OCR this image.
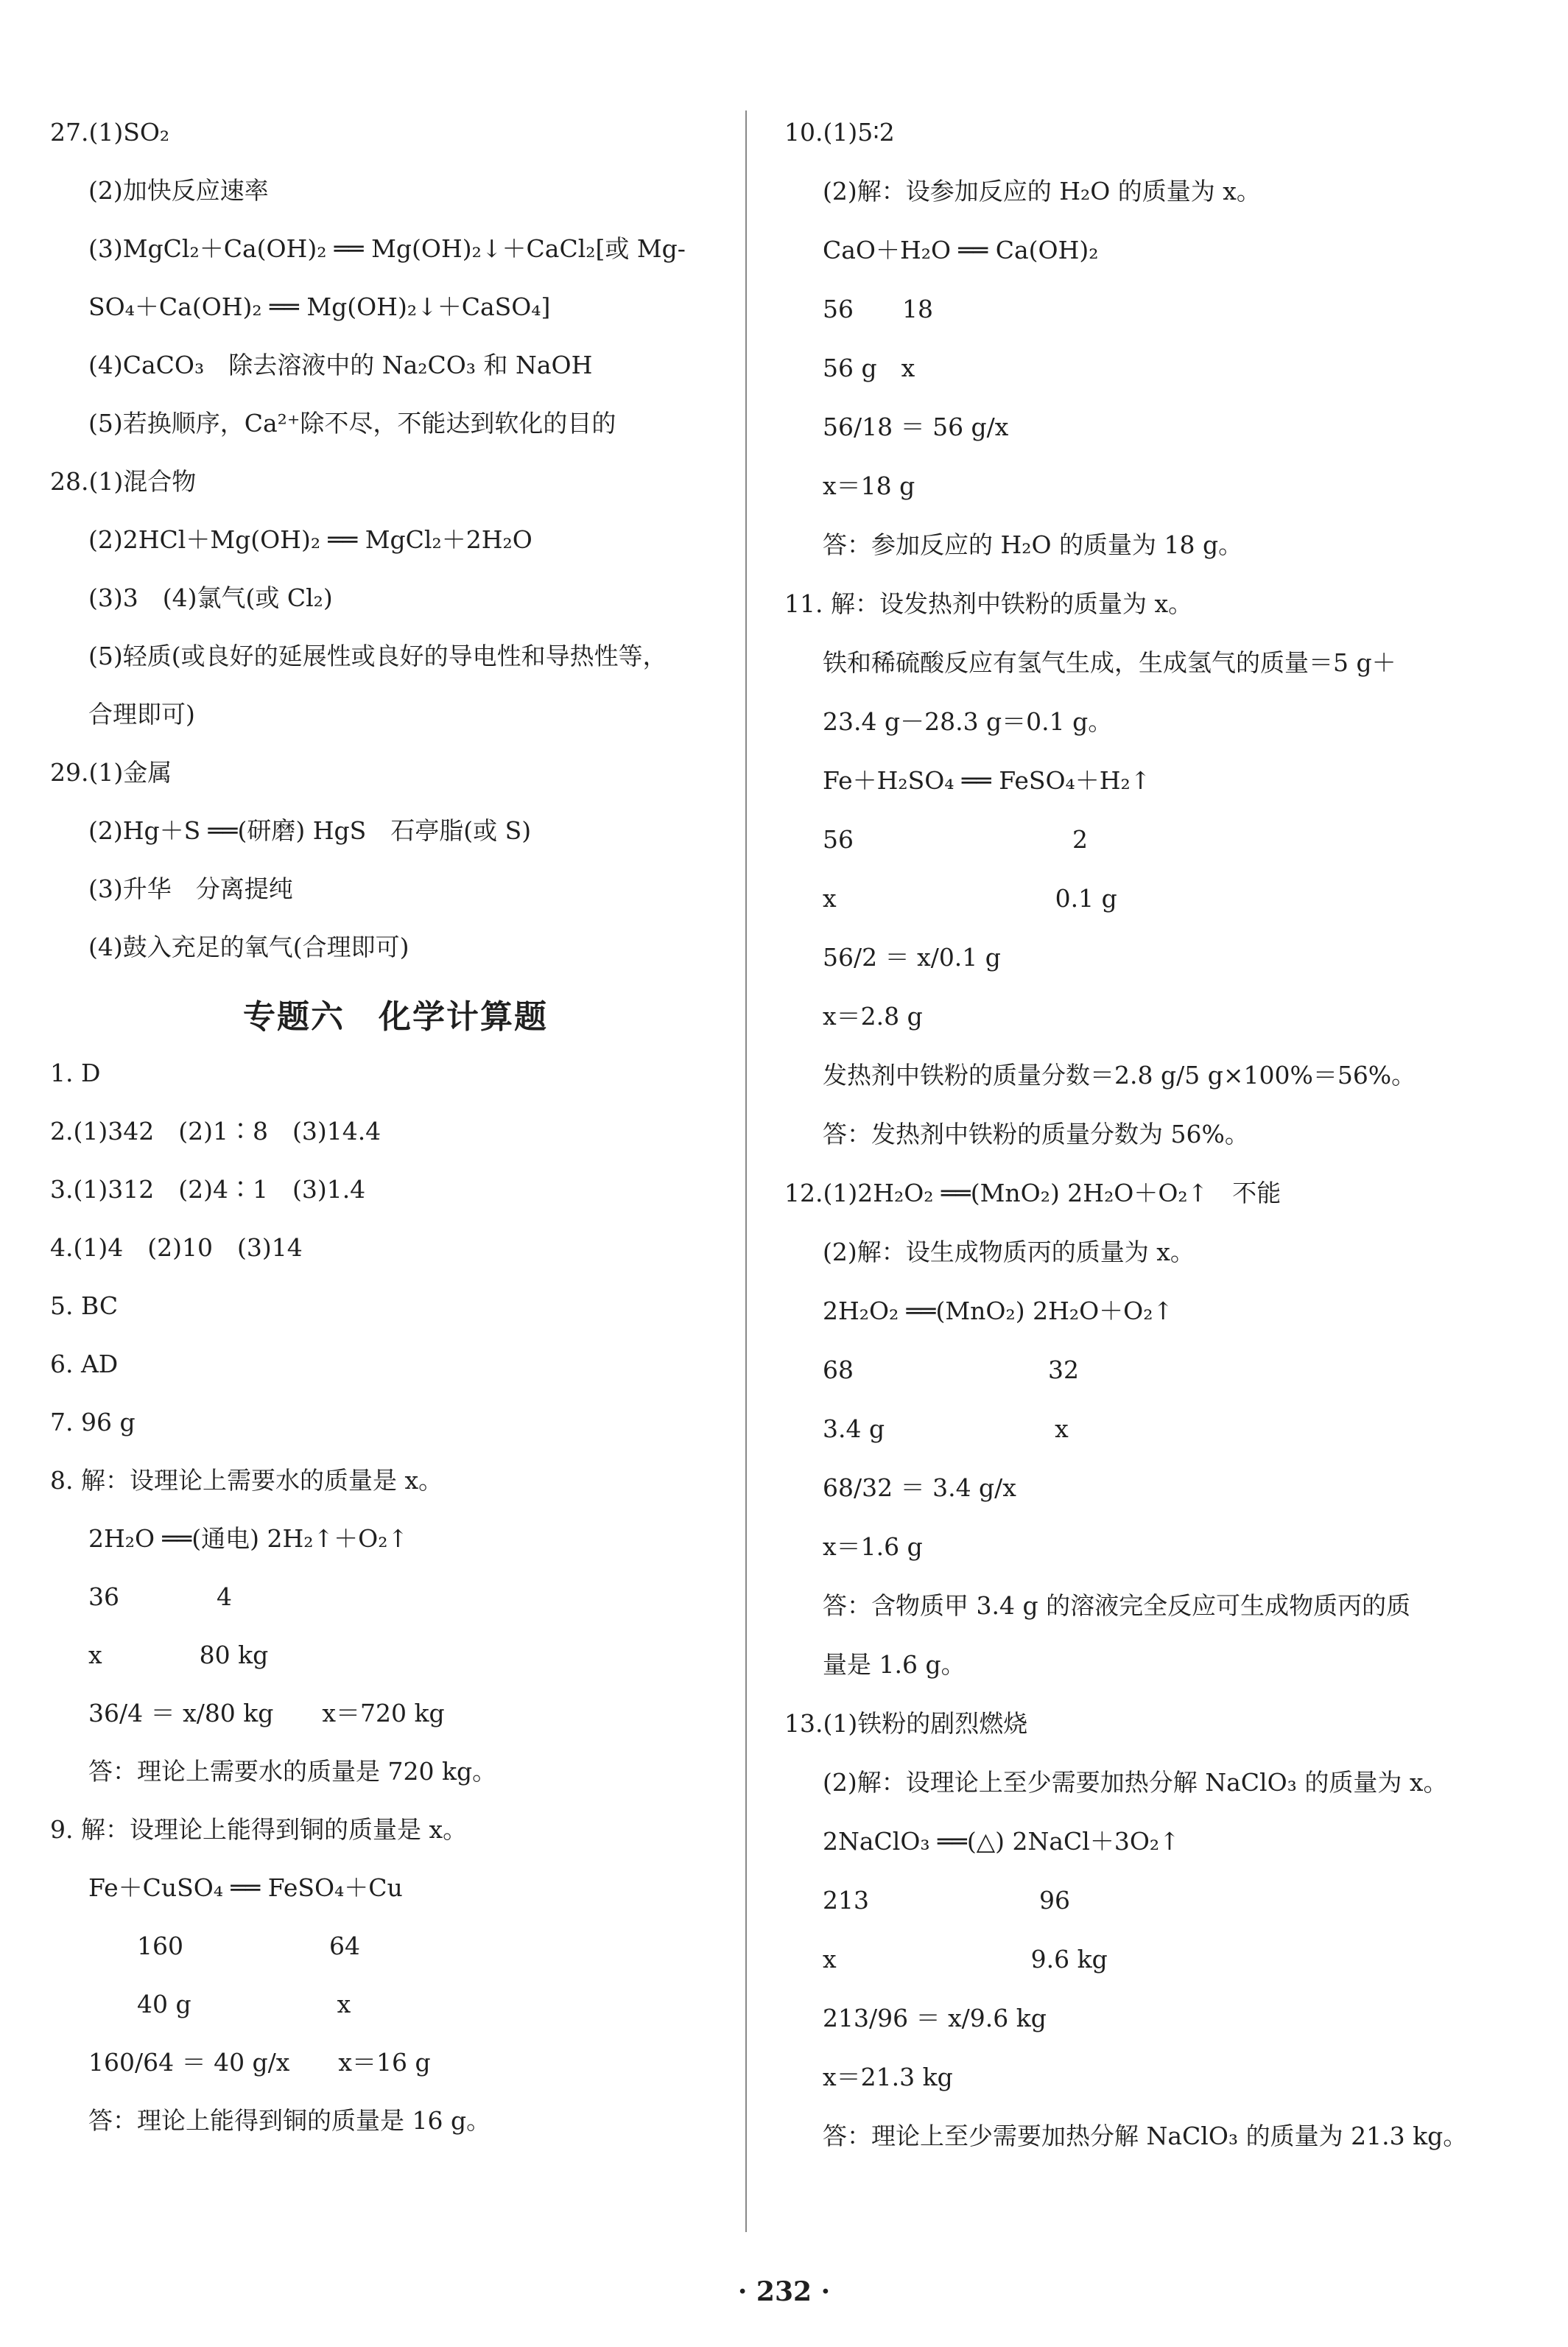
27.(1)SO₂
(2)加快反应速率
(3)MgCl₂＋Ca(OH)₂ ══ Mg(OH)₂↓＋CaCl₂[或 Mg-
SO₄＋Ca(OH)₂ ══ Mg(OH)₂↓＋CaSO₄]
(4)CaCO₃　除去溶液中的 Na₂CO₃ 和 NaOH
(5)若换顺序，Ca²⁺除不尽，不能达到软化的目的
28.(1)混合物
(2)2HCl＋Mg(OH)₂ ══ MgCl₂＋2H₂O
(3)3　(4)氯气(或 Cl₂)
(5)轻质(或良好的延展性或良好的导电性和导热性等，
合理即可)
29.(1)金属
(2)Hg＋S ══(研磨) HgS　石亭脂(或 S)
(3)升华　分离提纯
(4)鼓入充足的氧气(合理即可)
专题六　化学计算题
1. D
2.(1)342　(2)1∶8　(3)14.4
3.(1)312　(2)4∶1　(3)1.4
4.(1)4　(2)10　(3)14
5. BC
6. AD
7. 96 g
8. 解：设理论上需要水的质量是 x。
2H₂O ══(通电) 2H₂↑＋O₂↑
36　　　　4
x　　　　80 kg
36/4 ＝ x/80 kg　　x＝720 kg
答：理论上需要水的质量是 720 kg。
9. 解：设理论上能得到铜的质量是 x。
Fe＋CuSO₄ ══ FeSO₄＋Cu
　　160　　　　　　64
　　40 g　　　　　　x
160/64 ＝ 40 g/x　　x＝16 g
答：理论上能得到铜的质量是 16 g。
10.(1)5∶2
(2)解：设参加反应的 H₂O 的质量为 x。
CaO＋H₂O ══ Ca(OH)₂
56　　18
56 g　x
56/18 ＝ 56 g/x
x＝18 g
答：参加反应的 H₂O 的质量为 18 g。
11. 解：设发热剂中铁粉的质量为 x。
铁和稀硫酸反应有氢气生成，生成氢气的质量＝5 g＋
23.4 g－28.3 g＝0.1 g。
Fe＋H₂SO₄ ══ FeSO₄＋H₂↑
56　　　　　　　　　2
x　　　　　　　　　0.1 g
56/2 ＝ x/0.1 g
x＝2.8 g
发热剂中铁粉的质量分数＝2.8 g/5 g×100%＝56%。
答：发热剂中铁粉的质量分数为 56%。
12.(1)2H₂O₂ ══(MnO₂) 2H₂O＋O₂↑　不能
(2)解：设生成物质丙的质量为 x。
2H₂O₂ ══(MnO₂) 2H₂O＋O₂↑
68　　　　　　　　32
3.4 g　　　　　　　x
68/32 ＝ 3.4 g/x
x＝1.6 g
答：含物质甲 3.4 g 的溶液完全反应可生成物质丙的质
量是 1.6 g。
13.(1)铁粉的剧烈燃烧
(2)解：设理论上至少需要加热分解 NaClO₃ 的质量为 x。
2NaClO₃ ══(△) 2NaCl＋3O₂↑
213　　　　　　　96
x　　　　　　　　9.6 kg
213/96 ＝ x/9.6 kg
x＝21.3 kg
答：理论上至少需要加热分解 NaClO₃ 的质量为 21.3 kg。
· 232 ·
